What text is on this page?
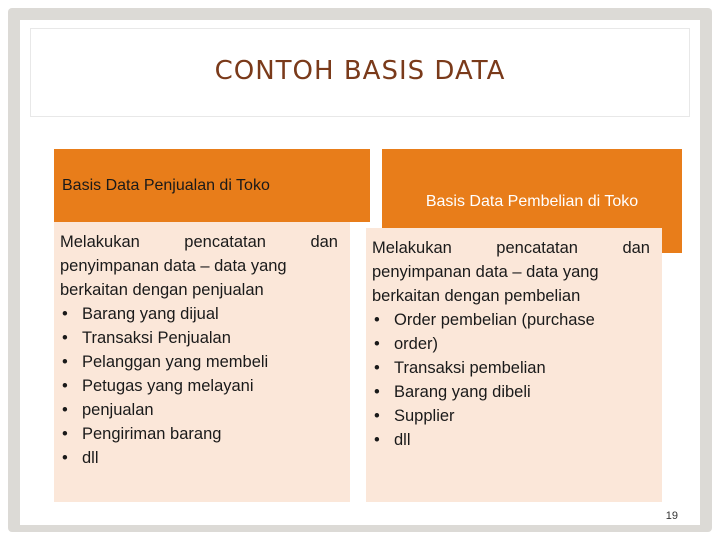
CONTOH BASIS DATA
Basis Data Penjualan di Toko
Basis Data Pembelian di Toko
Melakukan	pencatatan	dan
penyimpanan data – data yang
berkaitan dengan penjualan
• Barang yang dijual
• Transaksi Penjualan
• Pelanggan yang membeli
• Petugas yang melayani
• penjualan
• Pengiriman barang
• dll
Melakukan	pencatatan	dan
penyimpanan data – data yang
berkaitan dengan pembelian
• Order pembelian (purchase
• order)
• Transaksi pembelian
• Barang yang dibeli
• Supplier
• dll
19
